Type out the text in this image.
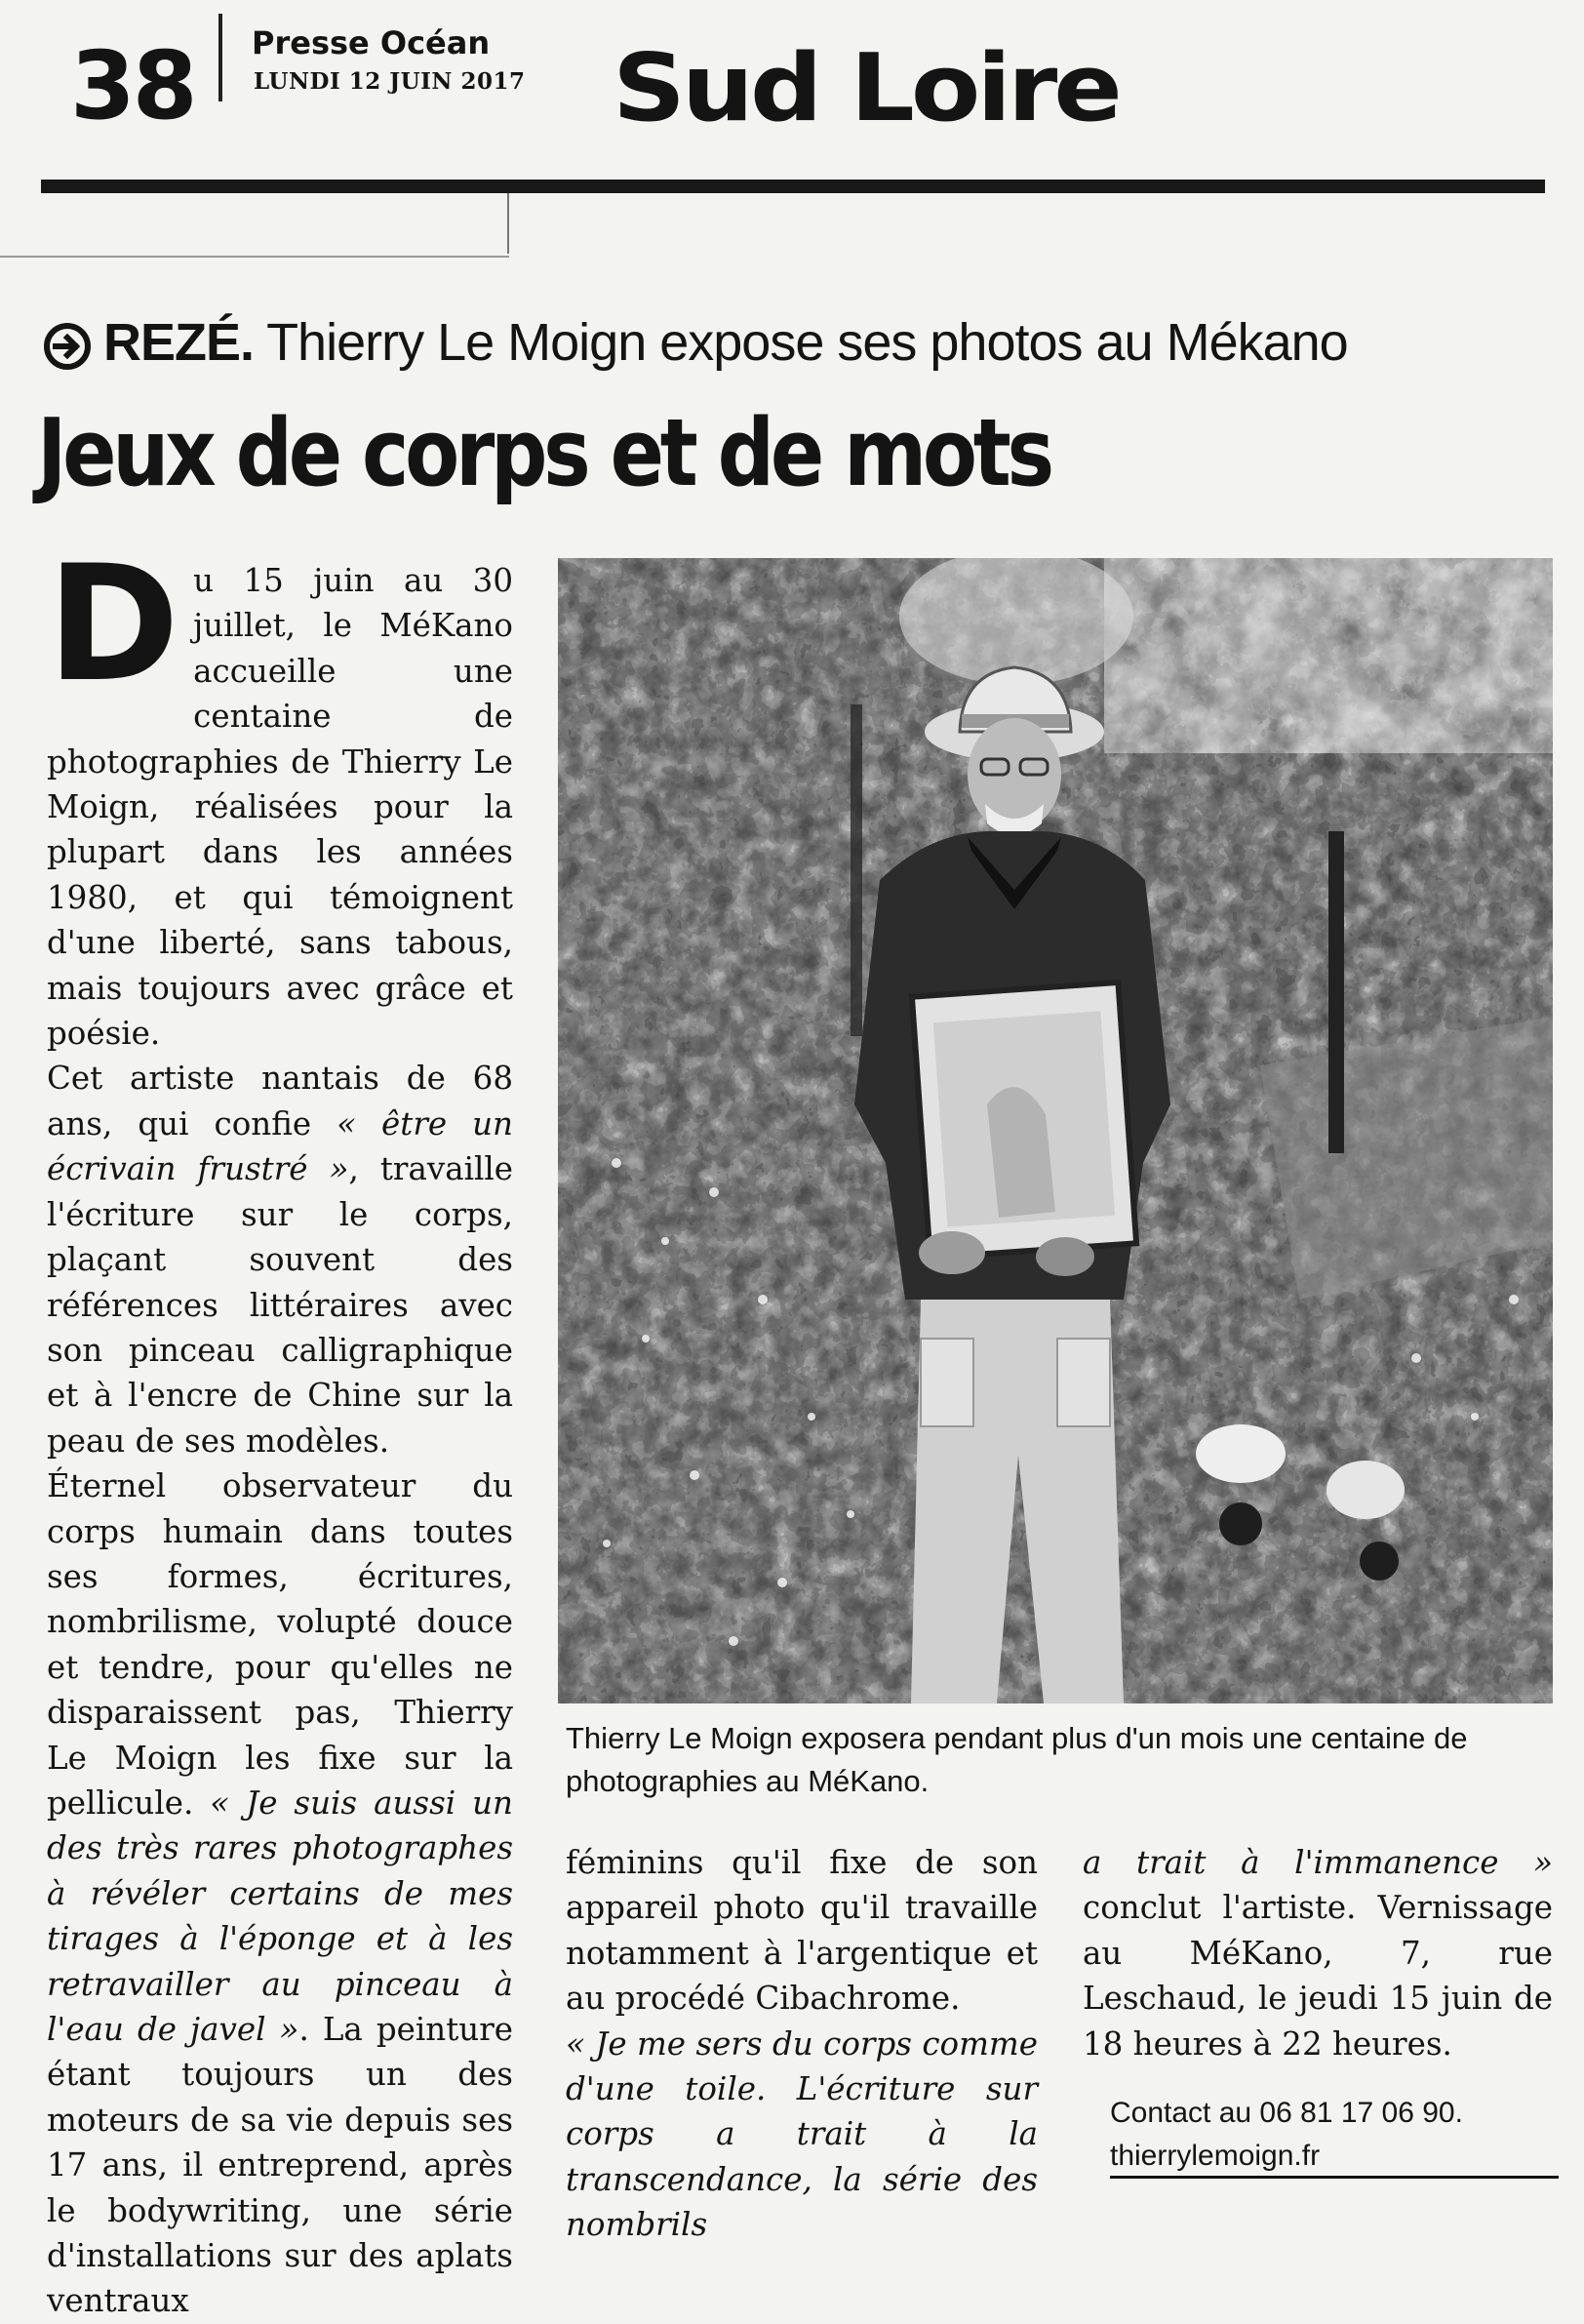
38 Presse Océan
LUNDI 12 JUIN 2017 Sud Loire
REZÉ. Thierry Le Moign expose ses photos au Mékano
Jeux de corps et de mots
D u 15 juin au 30 juillet, le MéKano accueille une centaine de photographies de Thierry Le Moign, réalisées pour la plupart dans les années 1980, et qui témoignent d'une liberté, sans tabous, mais toujours avec grâce et poésie.

Cet artiste nantais de 68 ans, qui confie « être un écrivain frustré », travaille l'écriture sur le corps, plaçant souvent des références littéraires avec son pinceau calligraphique et à l'encre de Chine sur la peau de ses modèles.

Éternel observateur du corps humain dans toutes ses formes, écritures, nombrilisme, volupté douce et tendre, pour qu'elles ne disparaissent pas, Thierry Le Moign les fixe sur la pellicule. « Je suis aussi un des très rares photographes à révéler certains de mes tirages à l'éponge et à les retravailler au pinceau à l'eau de javel ». La peinture étant toujours un des moteurs de sa vie depuis ses 17 ans, il entreprend, après le bodywriting, une série d'installations sur des aplats ventraux

Thierry Le Moign exposera pendant plus d'un mois une centaine de photographies au MéKano.

féminins qu'il fixe de son appareil photo qu'il travaille notamment à l'argentique et au procédé Cibachrome.

« Je me sers du corps comme d'une toile. L'écriture sur corps a trait à la transcendance, la série des nombrils

a trait à l'immanence » conclut l'artiste. Vernissage au MéKano, 7, rue Leschaud, le jeudi 15 juin de 18 heures à 22 heures.

Contact au 06 81 17 06 90.
thierrylemoign.fr
